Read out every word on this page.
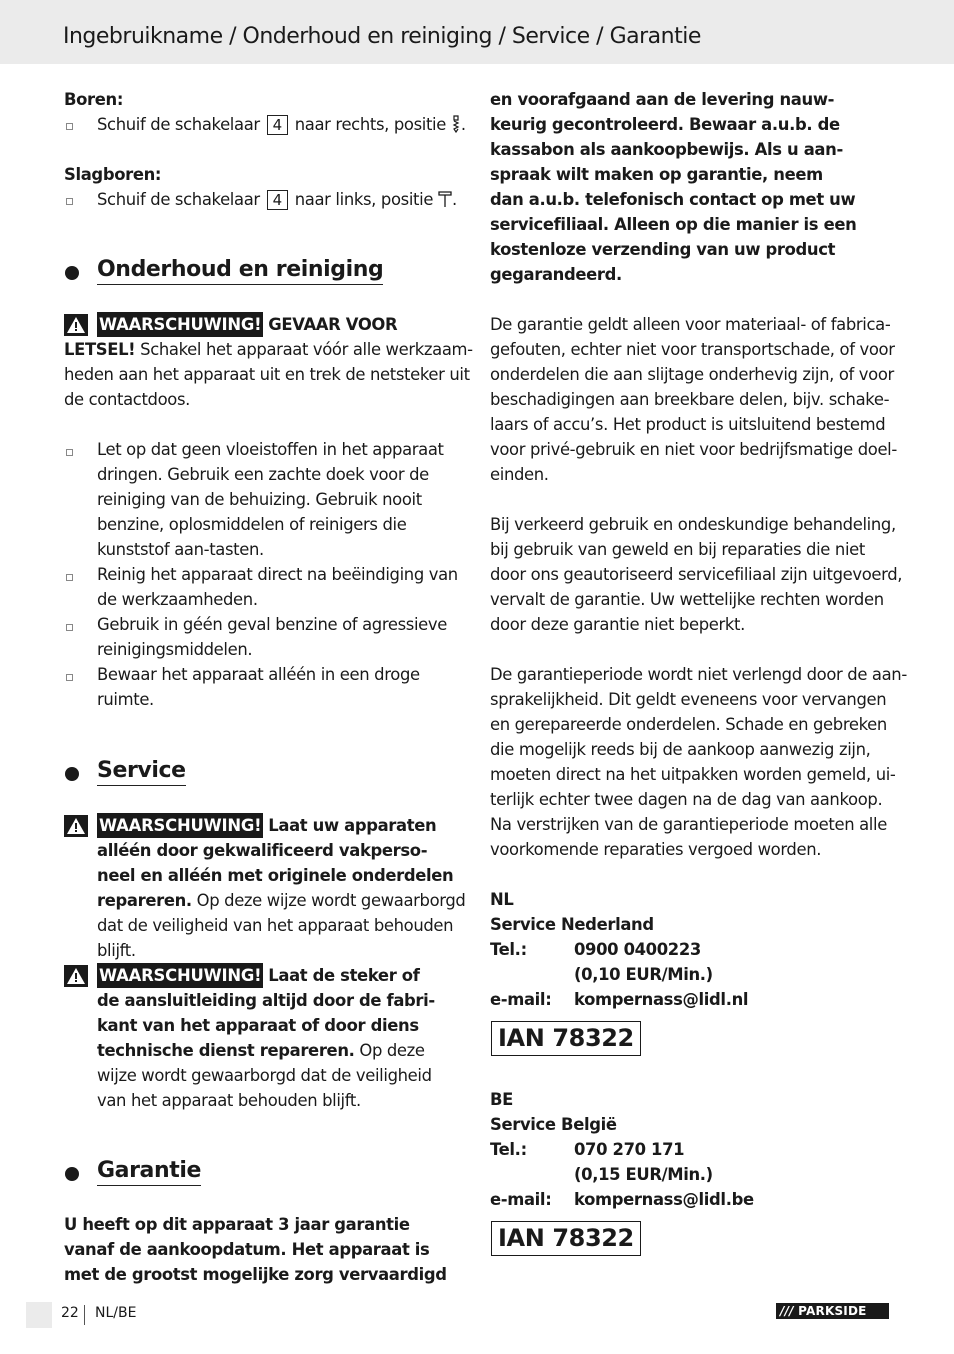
Ingebruikname / Onderhoud en reiniging / Service / Garantie
Boren:
Schuif de schakelaar 4 naar rechts, positie .
Slagboren:
Schuif de schakelaar 4 naar links, positie .
Onderhoud en reiniging
WAARSCHUWING! GEVAAR VOOR
LETSEL! Schakel het apparaat vóór alle werkzaam-
heden aan het apparaat uit en trek de netsteker uit
de contactdoos.
Let op dat geen vloeistoffen in het apparaat
dringen. Gebruik een zachte doek voor de
reiniging van de behuizing. Gebruik nooit
benzine, oplosmiddelen of reinigers die
kunststof aan-tasten.
Reinig het apparaat direct na beëindiging van
de werkzaamheden.
Gebruik in géén geval benzine of agressieve
reinigingsmiddelen.
Bewaar het apparaat alléén in een droge
ruimte.
Service
WAARSCHUWING! Laat uw apparaten
alléén door gekwalificeerd vakperso-
neel en alléén met originele onderdelen
repareren. Op deze wijze wordt gewaarborgd
dat de veiligheid van het apparaat behouden
blijft.
WAARSCHUWING! Laat de steker of
de aansluitleiding altijd door de fabri-
kant van het apparaat of door diens
technische dienst repareren. Op deze
wijze wordt gewaarborgd dat de veiligheid
van het apparaat behouden blijft.
Garantie
U heeft op dit apparaat 3 jaar garantie
vanaf de aankoopdatum. Het apparaat is
met de grootst mogelijke zorg vervaardigd
en voorafgaand aan de levering nauw-
keurig gecontroleerd. Bewaar a.u.b. de
kassabon als aankoopbewijs. Als u aan-
spraak wilt maken op garantie, neem
dan a.u.b. telefonisch contact op met uw
servicefiliaal. Alleen op die manier is een
kostenloze verzending van uw product
gegarandeerd.
De garantie geldt alleen voor materiaal- of fabrica-
gefouten, echter niet voor transportschade, of voor
onderdelen die aan slijtage onderhevig zijn, of voor
beschadigingen aan breekbare delen, bijv. schake-
laars of accu’s. Het product is uitsluitend bestemd
voor privé-gebruik en niet voor bedrijfsmatige doel-
einden.
Bij verkeerd gebruik en ondeskundige behandeling,
bij gebruik van geweld en bij reparaties die niet
door ons geautoriseerd servicefiliaal zijn uitgevoerd,
vervalt de garantie. Uw wettelijke rechten worden
door deze garantie niet beperkt.
De garantieperiode wordt niet verlengd door de aan-
sprakelijkheid. Dit geldt eveneens voor vervangen
en gerepareerde onderdelen. Schade en gebreken
die mogelijk reeds bij de aankoop aanwezig zijn,
moeten direct na het uitpakken worden gemeld, ui-
terlijk echter twee dagen na de dag van aankoop.
Na verstrijken van de garantieperiode moeten alle
voorkomende reparaties vergoed worden.
NL
Service Nederland
Tel.:	0900 0400223
(0,10 EUR/Min.)
e-mail: kompernass@lidl.nl
IAN 78322
BE
Service België
Tel.:	070 270 171
(0,15 EUR/Min.)
e-mail: kompernass@lidl.be
IAN 78322
22 NL/BE	/// PARKSIDE
